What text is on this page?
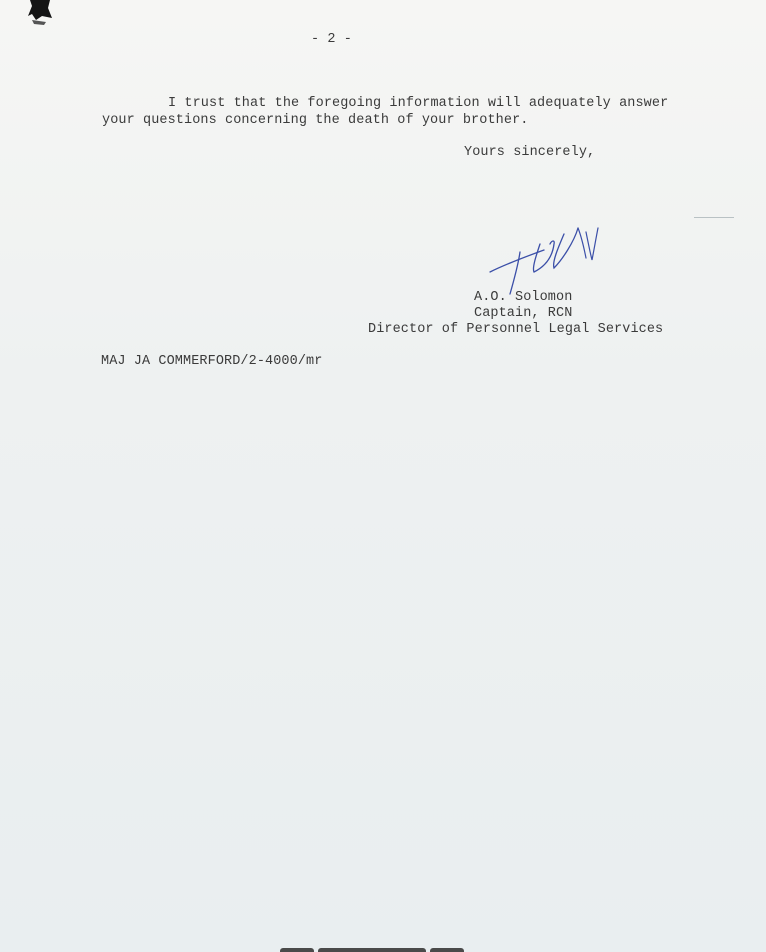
- 2 -
I trust that the foregoing information will adequately answer
your questions concerning the death of your brother.
Yours sincerely,
A.O. Solomon
Captain, RCN
Director of Personnel Legal Services
MAJ JA COMMERFORD/2-4000/mr
